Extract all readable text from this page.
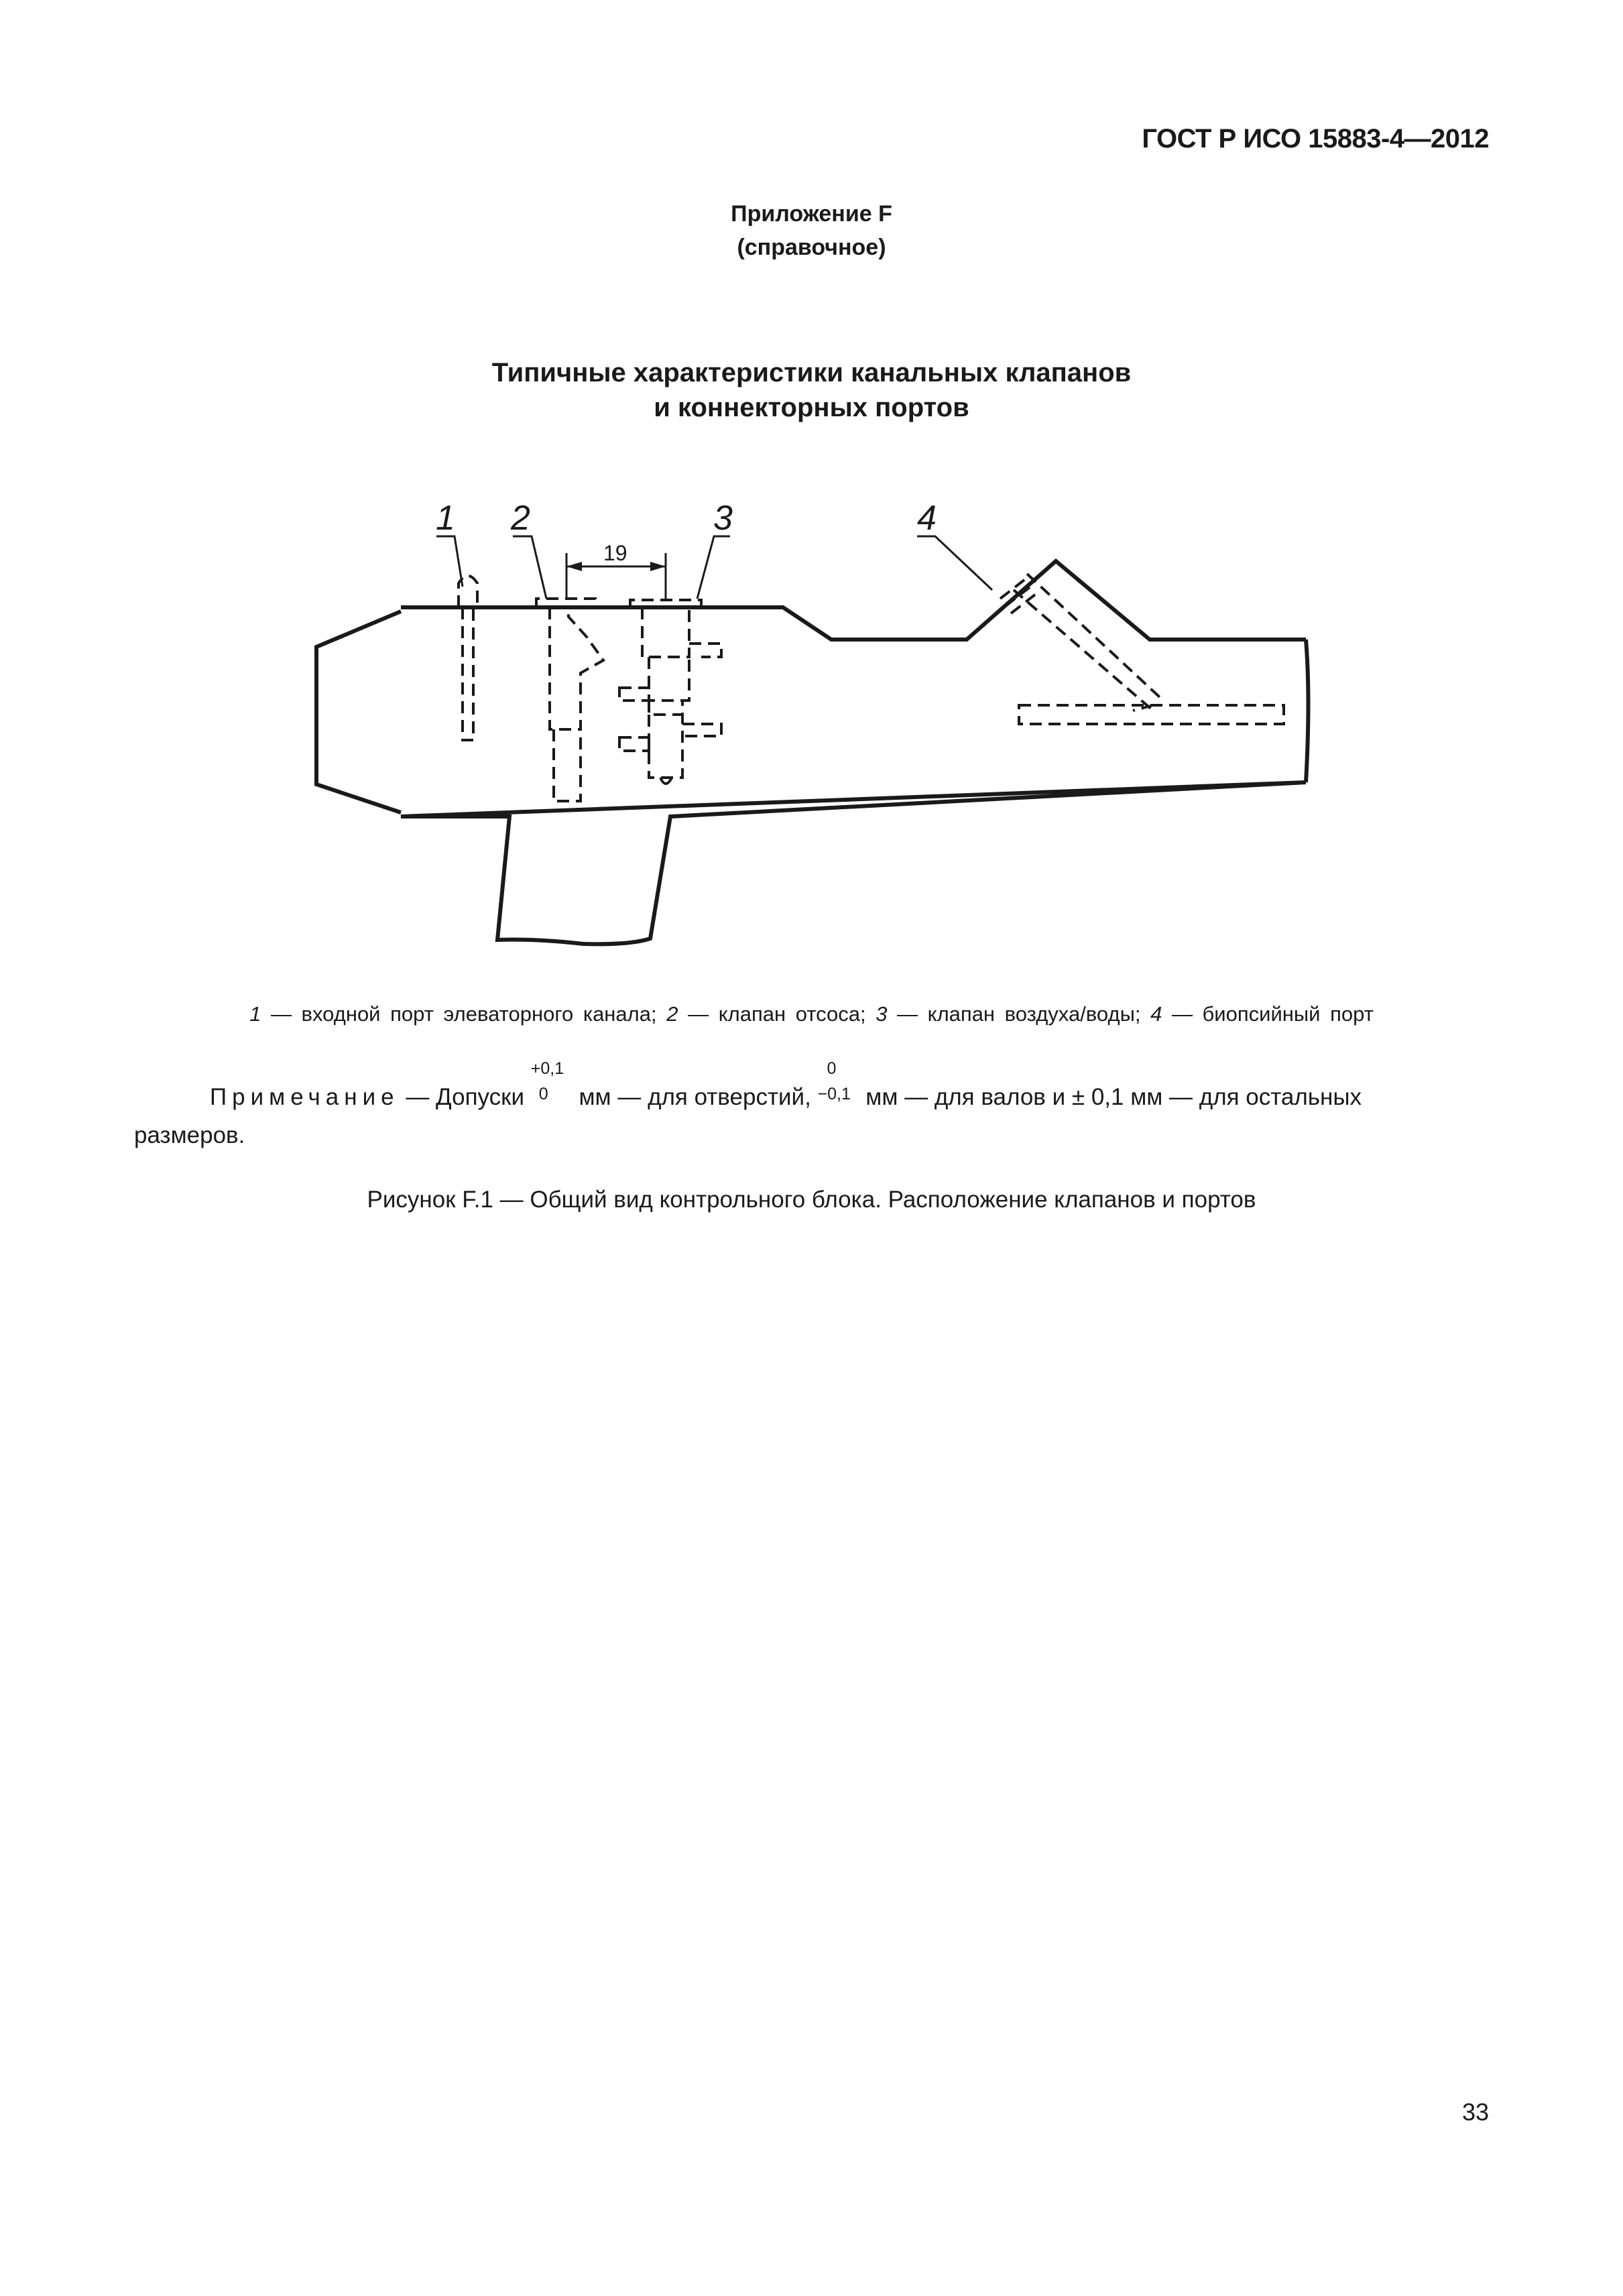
ГОСТ Р ИСО 15883-4—2012
Приложение F
(справочное)
Типичные характеристики канальных клапанов
и коннекторных портов
1 2	3	4
19
1 — входной порт элеваторного канала; 2 — клапан отсоса; 3 — клапан воздуха/воды; 4 — биопсийный порт
Примечание — Допуски
+0,1
0 мм — для отверстий,
0
−0,1 мм — для валов и ± 0,1 мм — для остальных
размеров.
Рисунок F.1 — Общий вид контрольного блока. Расположение клапанов и портов
33
